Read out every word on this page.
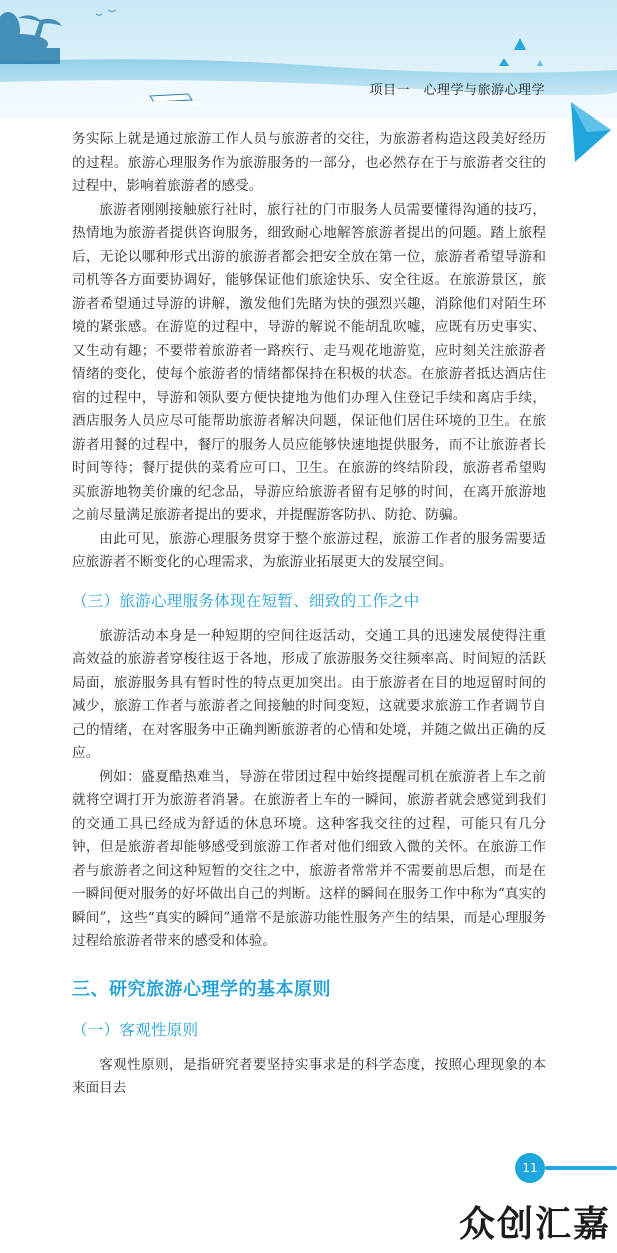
项目一　心理学与旅游心理学

务实际上就是通过旅游工作人员与旅游者的交往，为旅游者构造这段美好经历的过程。旅游心理服务作为旅游服务的一部分，也必然存在于与旅游者交往的过程中，影响着旅游者的感受。

旅游者刚刚接触旅行社时，旅行社的门市服务人员需要懂得沟通的技巧，热情地为旅游者提供咨询服务，细致耐心地解答旅游者提出的问题。踏上旅程后，无论以哪种形式出游的旅游者都会把安全放在第一位，旅游者希望导游和司机等各方面要协调好，能够保证他们旅途快乐、安全往返。在旅游景区，旅游者希望通过导游的讲解，激发他们先睹为快的强烈兴趣，消除他们对陌生环境的紧张感。在游览的过程中，导游的解说不能胡乱吹嘘，应既有历史事实、又生动有趣；不要带着旅游者一路疾行、走马观花地游览，应时刻关注旅游者情绪的变化，使每个旅游者的情绪都保持在积极的状态。在旅游者抵达酒店住宿的过程中，导游和领队要方便快捷地为他们办理入住登记手续和离店手续，酒店服务人员应尽可能帮助旅游者解决问题，保证他们居住环境的卫生。在旅游者用餐的过程中，餐厅的服务人员应能够快速地提供服务，而不让旅游者长时间等待；餐厅提供的菜肴应可口、卫生。在旅游的终结阶段，旅游者希望购买旅游地物美价廉的纪念品，导游应给旅游者留有足够的时间，在离开旅游地之前尽量满足旅游者提出的要求，并提醒游客防扒、防抢、防骗。

由此可见，旅游心理服务贯穿于整个旅游过程，旅游工作者的服务需要适应旅游者不断变化的心理需求，为旅游业拓展更大的发展空间。

（三）旅游心理服务体现在短暂、细致的工作之中

旅游活动本身是一种短期的空间往返活动，交通工具的迅速发展使得注重高效益的旅游者穿梭往返于各地，形成了旅游服务交往频率高、时间短的活跃局面，旅游服务具有暂时性的特点更加突出。由于旅游者在目的地逗留时间的减少，旅游工作者与旅游者之间接触的时间变短，这就要求旅游工作者调节自己的情绪，在对客服务中正确判断旅游者的心情和处境，并随之做出正确的反应。

例如：盛夏酷热难当，导游在带团过程中始终提醒司机在旅游者上车之前就将空调打开为旅游者消暑。在旅游者上车的一瞬间，旅游者就会感觉到我们的交通工具已经成为舒适的休息环境。这种客我交往的过程，可能只有几分钟，但是旅游者却能够感受到旅游工作者对他们细致入微的关怀。在旅游工作者与旅游者之间这种短暂的交往之中，旅游者常常并不需要前思后想，而是在一瞬间便对服务的好坏做出自己的判断。这样的瞬间在服务工作中称为“真实的瞬间”，这些“真实的瞬间”通常不是旅游功能性服务产生的结果，而是心理服务过程给旅游者带来的感受和体验。

三、研究旅游心理学的基本原则
（一）客观性原则

客观性原则，是指研究者要坚持实事求是的科学态度，按照心理现象的本来面目去

11
众创汇嘉
